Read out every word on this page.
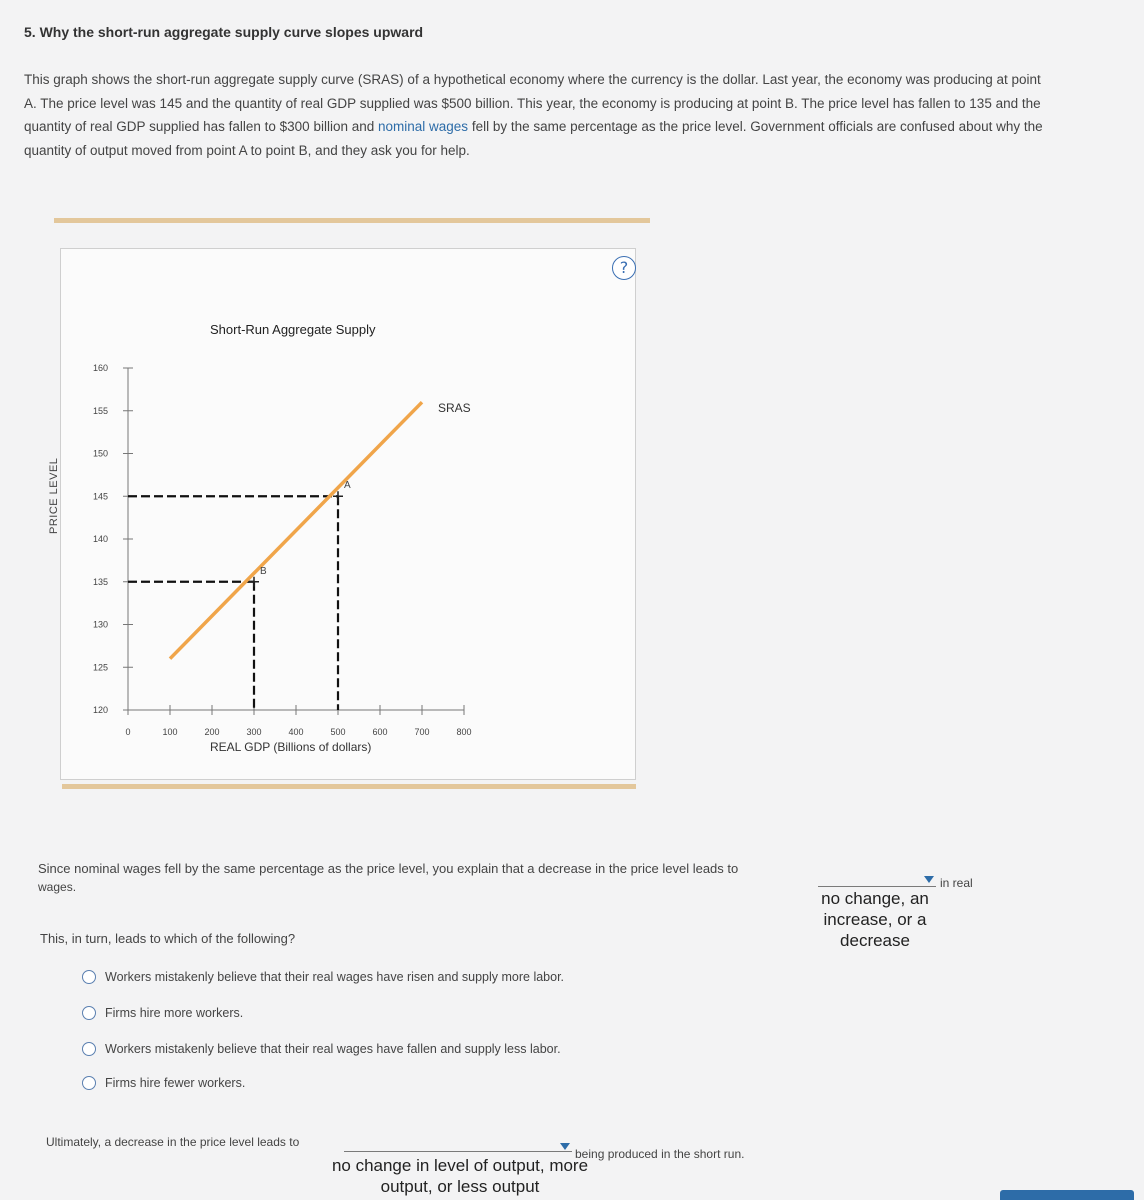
5. Why the short-run aggregate supply curve slopes upward
This graph shows the short-run aggregate supply curve (SRAS) of a hypothetical economy where the currency is the dollar. Last year, the economy was producing at point A. The price level was 145 and the quantity of real GDP supplied was $500 billion. This year, the economy is producing at point B. The price level has fallen to 135 and the quantity of real GDP supplied has fallen to $300 billion and nominal wages fell by the same percentage as the price level. Government officials are confused about why the quantity of output moved from point A to point B, and they ask you for help.
?
120
125
130
135
140
145
150
155
160
0	100	200	300	400	500	600	700	800
Short-Run Aggregate Supply
REAL GDP (Billions of dollars)
PRICE LEVEL
SRAS
A
B
Since nominal wages fell by the same percentage as the price level, you explain that a decrease in the price level leads to
in real
wages.
no change, an increase, or a decrease
This, in turn, leads to which of the following?
Workers mistakenly believe that their real wages have risen and supply more labor.
Firms hire more workers.
Workers mistakenly believe that their real wages have fallen and supply less labor.
Firms hire fewer workers.
Ultimately, a decrease in the price level leads to
being produced in the short run.
no change in level of output, more output, or less output
